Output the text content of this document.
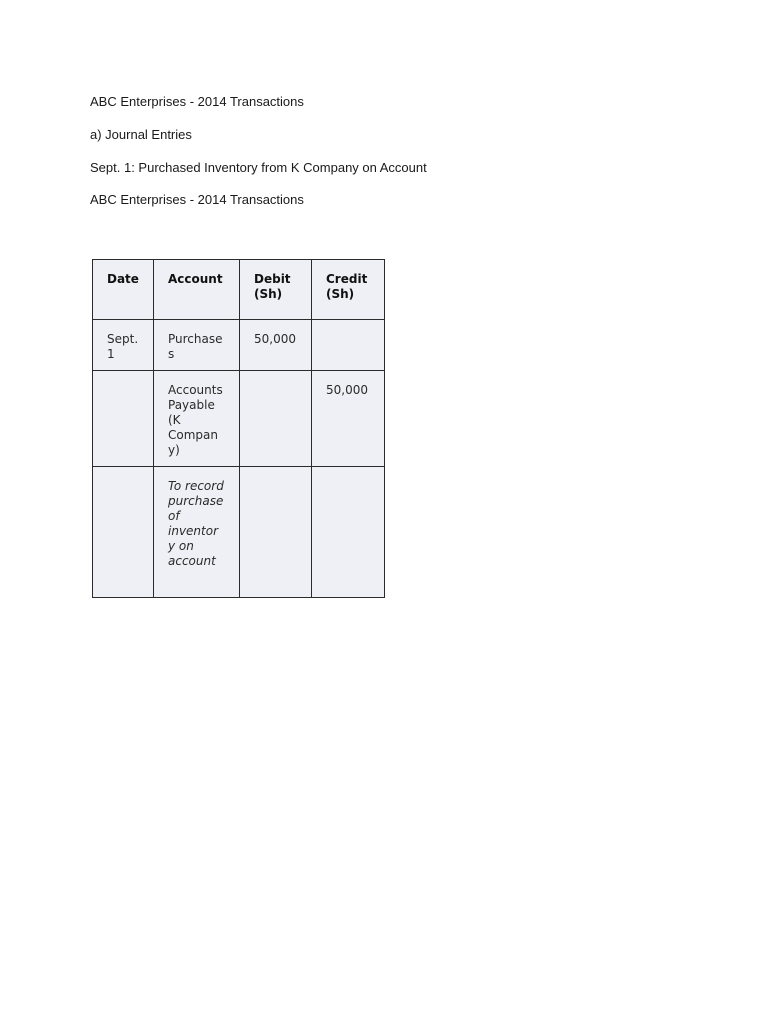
ABC Enterprises - 2014 Transactions

a) Journal Entries

Sept. 1: Purchased Inventory from K Company on Account

ABC Enterprises - 2014 Transactions

Date	Account	Debit (Sh)	Credit (Sh)
Sept. 1	Purchases	50,000	
	Accounts Payable (K Company)		50,000
	To record purchase of inventory on account		
